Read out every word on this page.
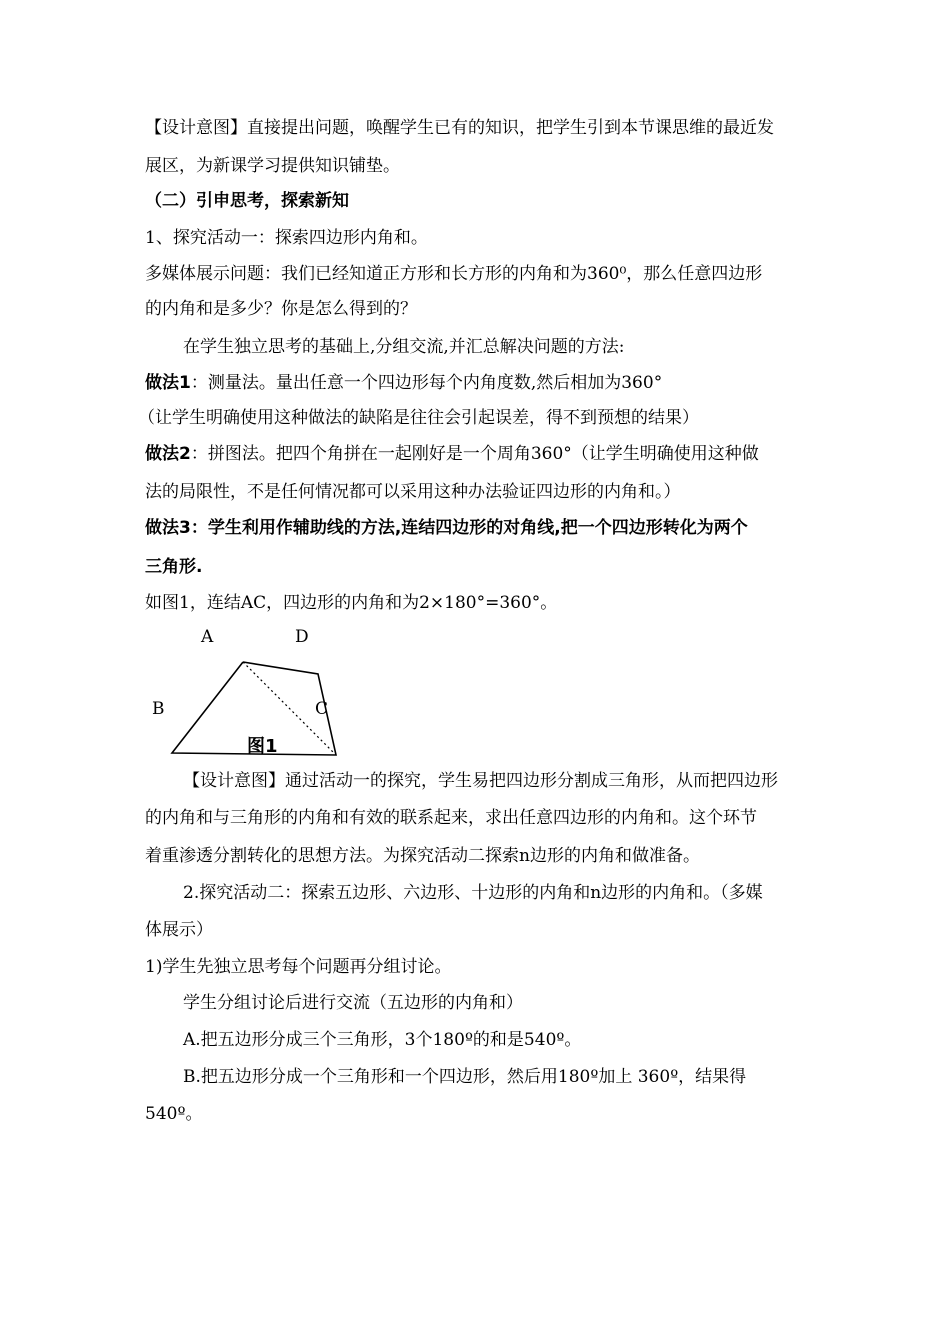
【设计意图】直接提出问题，唤醒学生已有的知识，把学生引到本节课思维的最近发
展区，为新课学习提供知识铺垫。
（二）引申思考，探索新知
1、探究活动一：探索四边形内角和。
多媒体展示问题：我们已经知道正方形和长方形的内角和为360⁰，那么任意四边形
的内角和是多少？你是怎么得到的？
在学生独立思考的基础上,分组交流,并汇总解决问题的方法:
做法1：测量法。量出任意一个四边形每个内角度数,然后相加为360°
（让学生明确使用这种做法的缺陷是往往会引起误差，得不到预想的结果）
做法2：拼图法。把四个角拼在一起刚好是一个周角360°（让学生明确使用这种做
法的局限性，不是任何情况都可以采用这种办法验证四边形的内角和。）
做法3：学生利用作辅助线的方法,连结四边形的对角线,把一个四边形转化为两个
三角形.
如图1，连结AC，四边形的内角和为2×180°=360°。
A	D
B	C
图1
【设计意图】通过活动一的探究，学生易把四边形分割成三角形，从而把四边形
的内角和与三角形的内角和有效的联系起来，求出任意四边形的内角和。这个环节
着重渗透分割转化的思想方法。为探究活动二探索n边形的内角和做准备。
2.探究活动二：探索五边形、六边形、十边形的内角和n边形的内角和。（多媒
体展示）
1)学生先独立思考每个问题再分组讨论。
学生分组讨论后进行交流（五边形的内角和）
A.把五边形分成三个三角形，3个180º的和是540º。
B.把五边形分成一个三角形和一个四边形，然后用180º加上 360º，结果得
540º。
